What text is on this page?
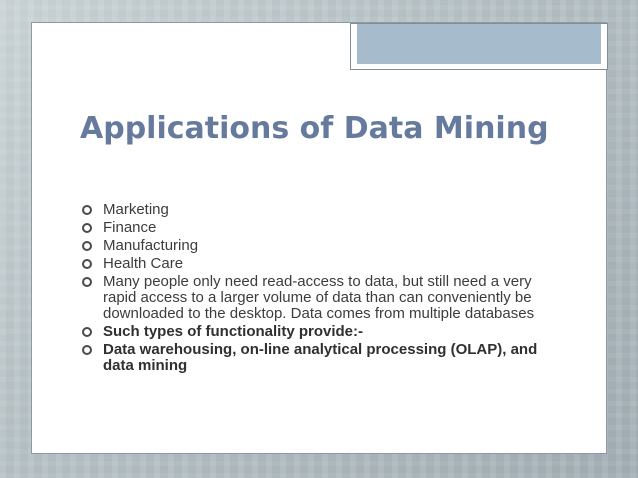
Applications of Data Mining
Marketing
Finance
Manufacturing
Health Care
Many people only need read-access to data, but still need a very rapid access to a larger volume of data than can conveniently be downloaded to the desktop. Data comes from multiple databases
Such types of functionality provide:-
Data warehousing, on-line analytical processing (OLAP), and data mining
